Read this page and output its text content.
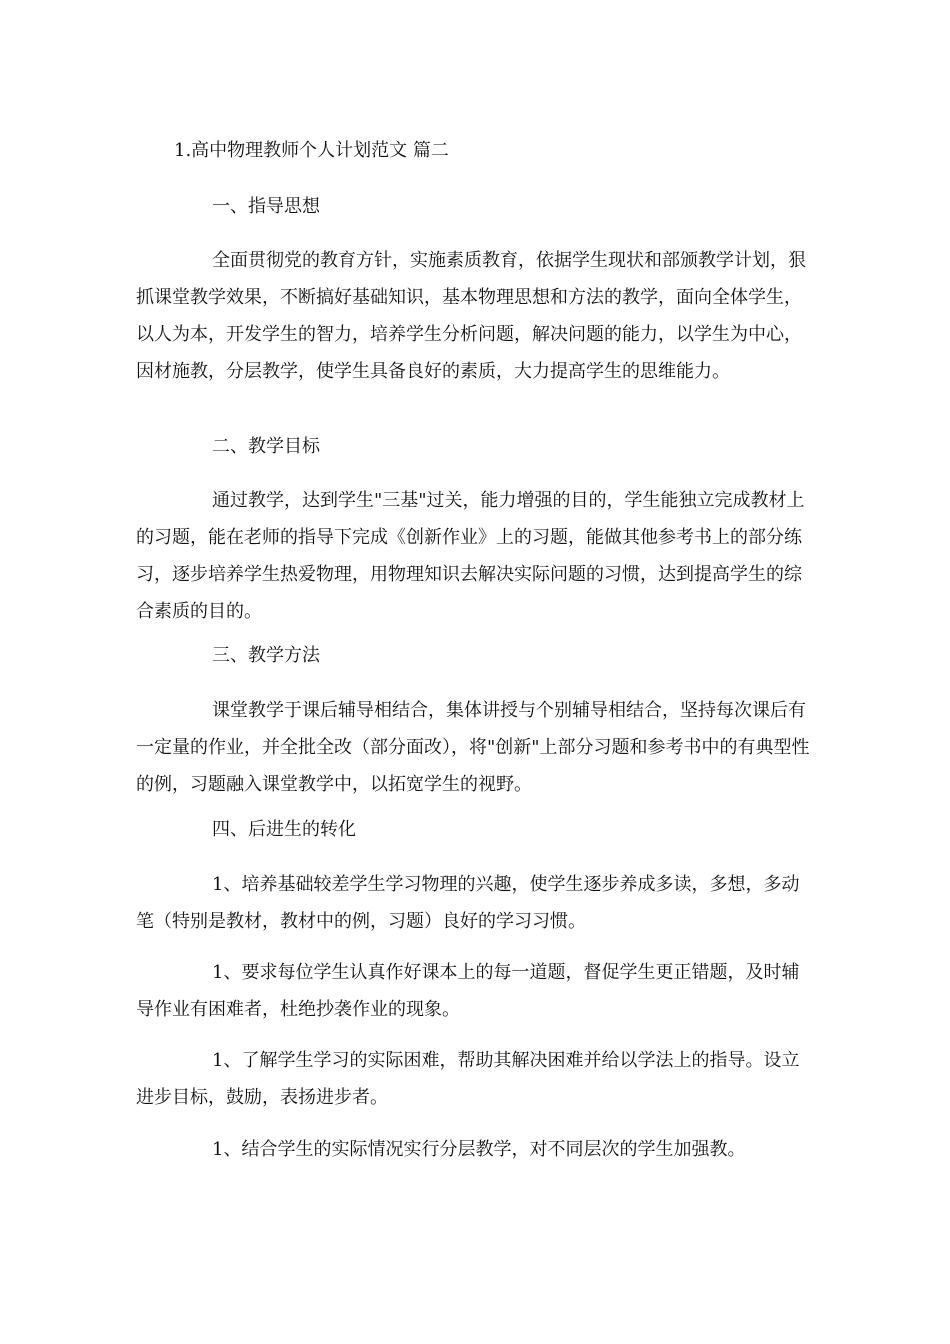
1.高中物理教师个人计划范文 篇二

一、指导思想

全面贯彻党的教育方针，实施素质教育，依据学生现状和部颁教学计划，狠抓课堂教学效果，不断搞好基础知识，基本物理思想和方法的教学，面向全体学生，以人为本，开发学生的智力，培养学生分析问题，解决问题的能力，以学生为中心，因材施教，分层教学，使学生具备良好的素质，大力提高学生的思维能力。

二、教学目标

通过教学，达到学生"三基"过关，能力增强的目的，学生能独立完成教材上的习题，能在老师的指导下完成《创新作业》上的习题，能做其他参考书上的部分练习，逐步培养学生热爱物理，用物理知识去解决实际问题的习惯，达到提高学生的综合素质的目的。

三、教学方法

课堂教学于课后辅导相结合，集体讲授与个别辅导相结合，坚持每次课后有一定量的作业，并全批全改（部分面改），将"创新"上部分习题和参考书中的有典型性的例，习题融入课堂教学中，以拓宽学生的视野。

四、后进生的转化

1、培养基础较差学生学习物理的兴趣，使学生逐步养成多读，多想，多动笔（特别是教材，教材中的例，习题）良好的学习习惯。

1、要求每位学生认真作好课本上的每一道题，督促学生更正错题，及时辅导作业有困难者，杜绝抄袭作业的现象。

1、了解学生学习的实际困难，帮助其解决困难并给以学法上的指导。设立进步目标，鼓励，表扬进步者。

1、结合学生的实际情况实行分层教学，对不同层次的学生加强教。
